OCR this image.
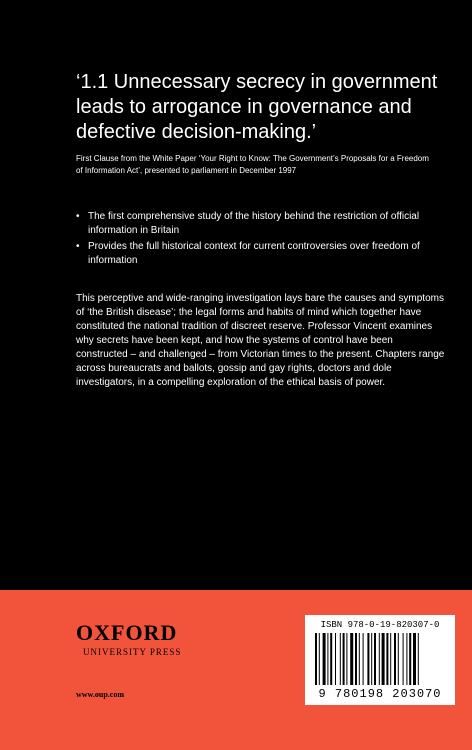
‘1.1 Unnecessary secrecy in government leads to arrogance in governance and defective decision-making.’

First Clause from the White Paper ‘Your Right to Know: The Government’s Proposals for a Freedom of Information Act’, presented to parliament in December 1997

• The first comprehensive study of the history behind the restriction of official information in Britain
• Provides the full historical context for current controversies over freedom of information

This perceptive and wide-ranging investigation lays bare the causes and symptoms of ‘the British disease’; the legal forms and habits of mind which together have constituted the national tradition of discreet reserve. Professor Vincent examines why secrets have been kept, and how the systems of control have been constructed – and challenged – from Victorian times to the present. Chapters range across bureaucrats and ballots, gossip and gay rights, doctors and dole investigators, in a compelling exploration of the ethical basis of power.

OXFORD
UNIVERSITY PRESS
www.oup.com
ISBN 978-0-19-820307-0
9 780198 203070
